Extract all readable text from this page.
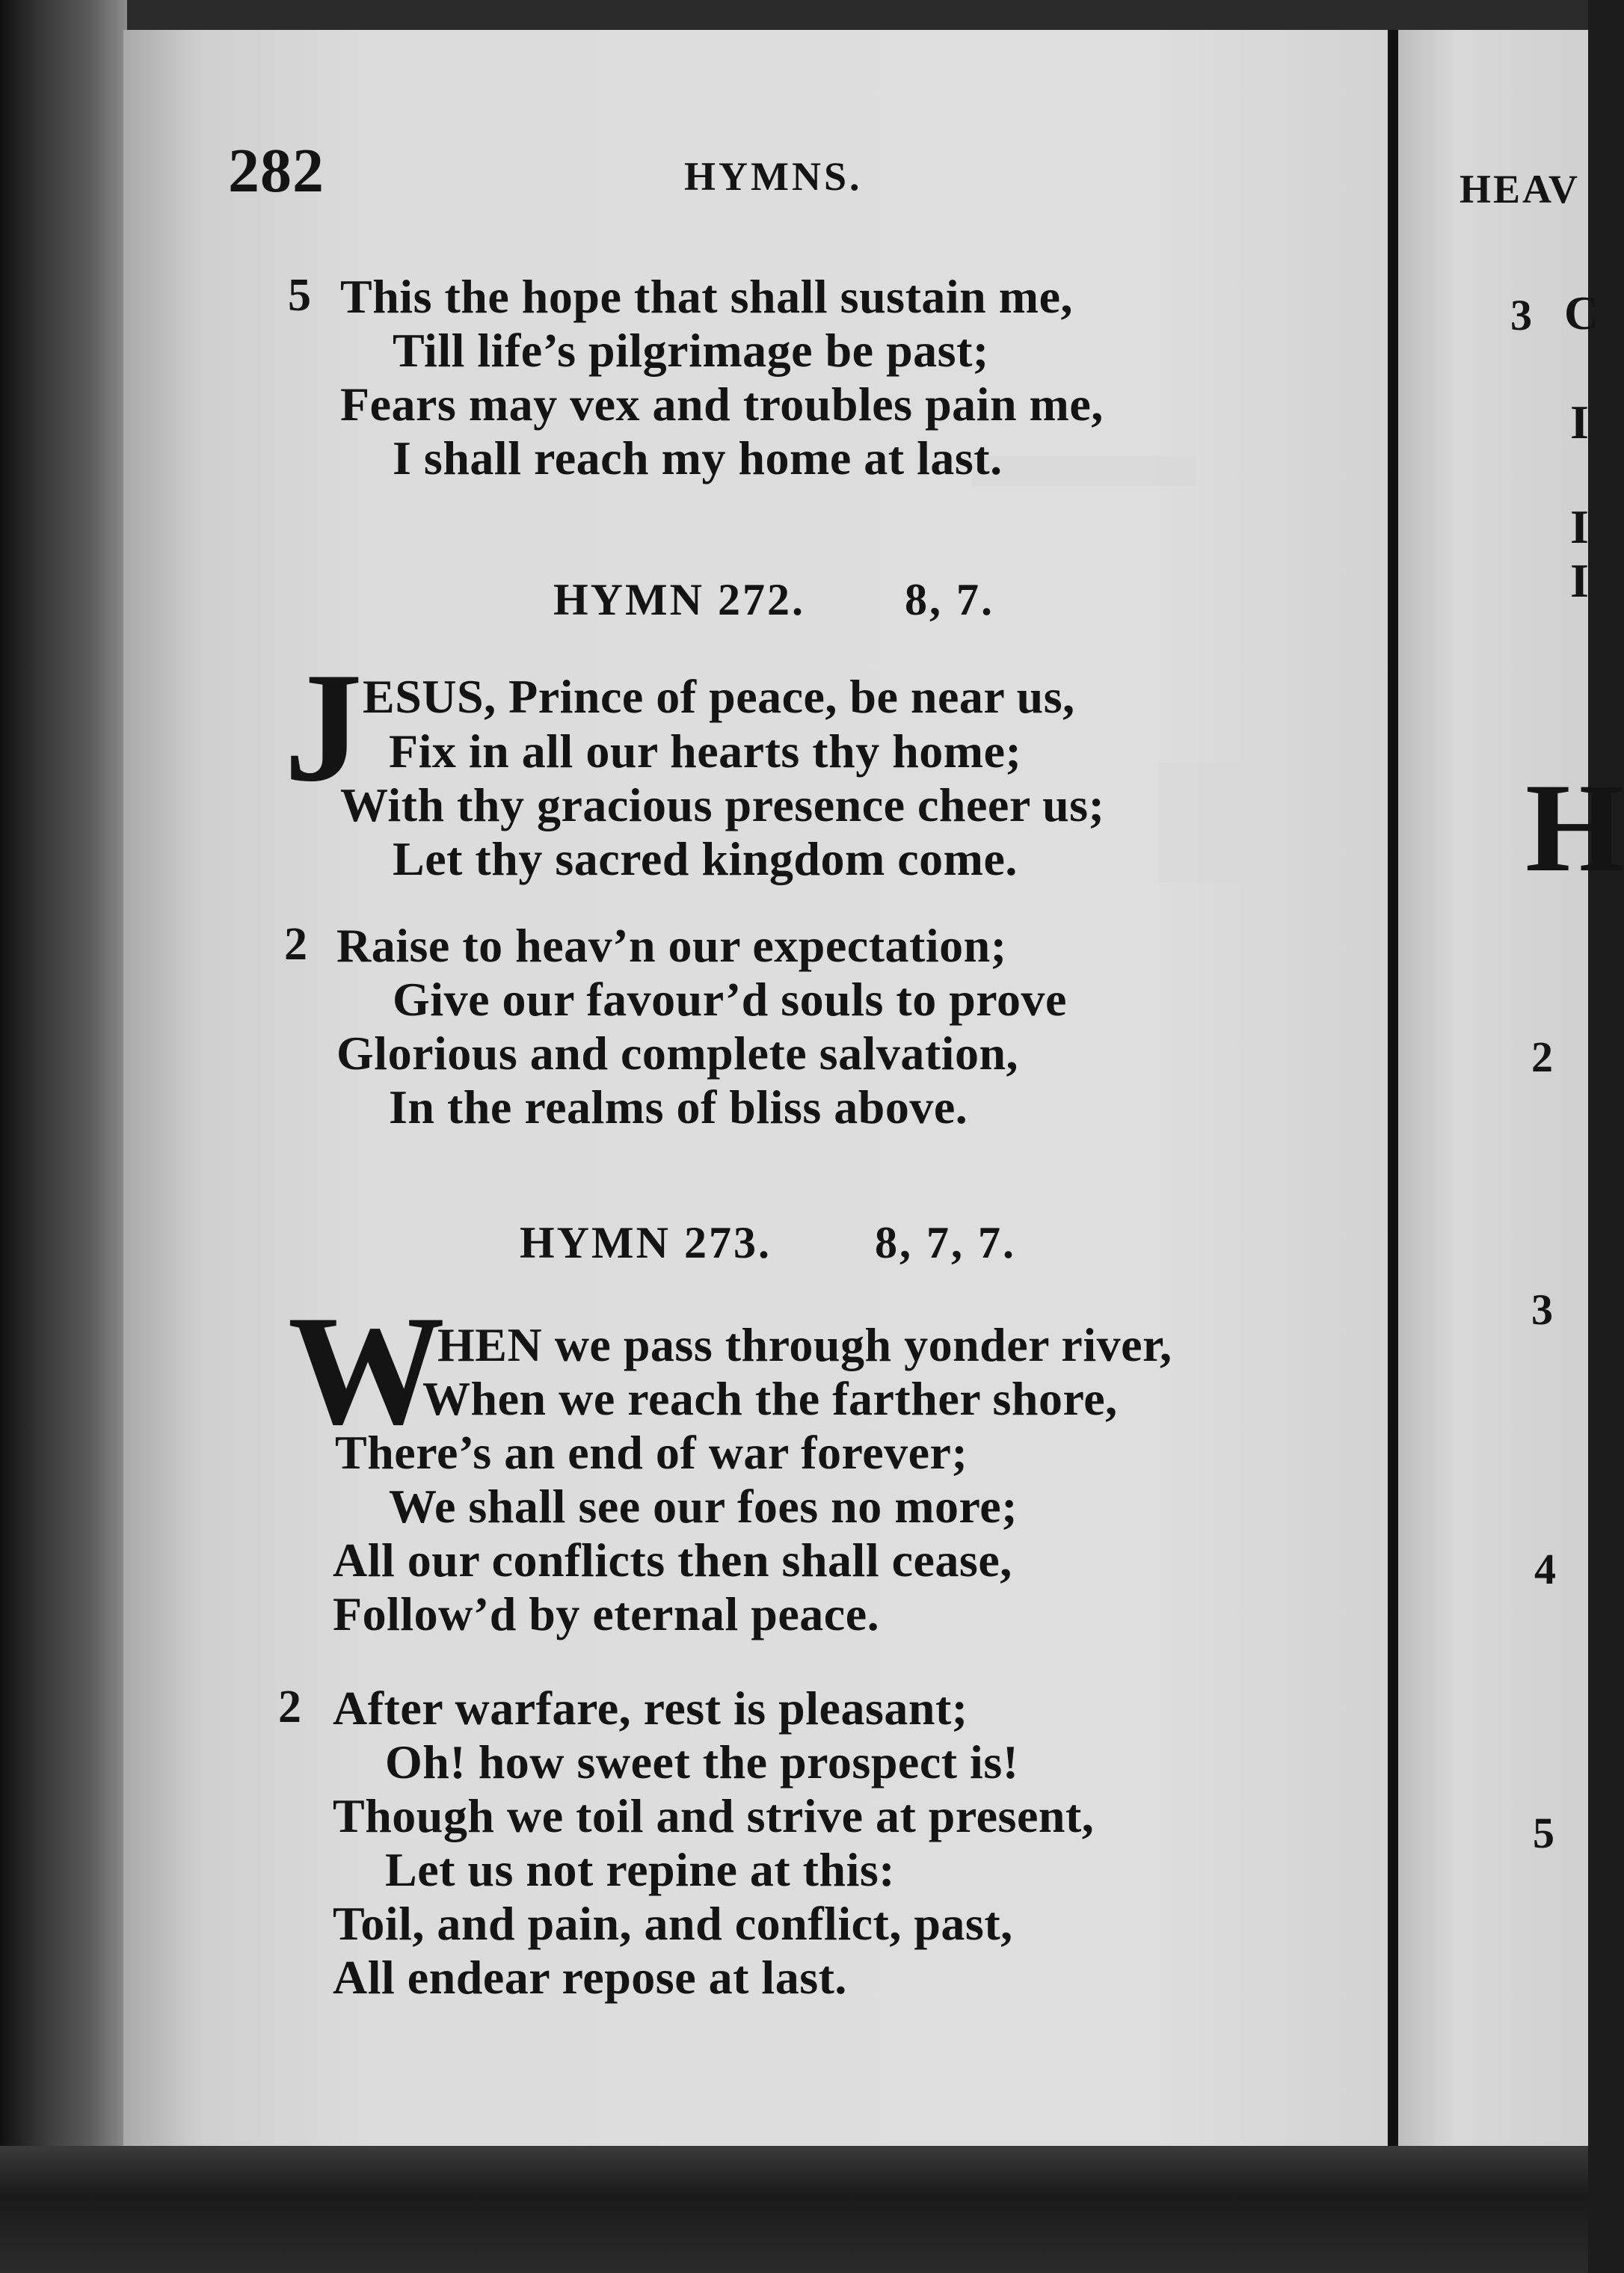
282	HYMNS.
5 This the hope that shall sustain me,
Till life’s pilgrimage be past;
Fears may vex and troubles pain me,
I shall reach my home at last.
HYMN 272. 8, 7.
J ESUS, Prince of peace, be near us,
Fix in all our hearts thy home;
With thy gracious presence cheer us;
Let thy sacred kingdom come.
2 Raise to heav’n our expectation;
Give our favour’d souls to prove
Glorious and complete salvation,
In the realms of bliss above.
HYMN 273. 8, 7, 7.
W
HEN we pass through yonder river,
When we reach the farther shore,
There’s an end of war forever;
We shall see our foes no more;
All our conflicts then shall cease,
Follow’d by eternal peace.
2 After warfare, rest is pleasant;
Oh! how sweet the prospect is!
Though we toil and strive at present,
Let us not repine at this:
Toil, and pain, and conflict, past,
All endear repose at last.
HEAV
3 C
I
I
I
H
2
3
4
5
